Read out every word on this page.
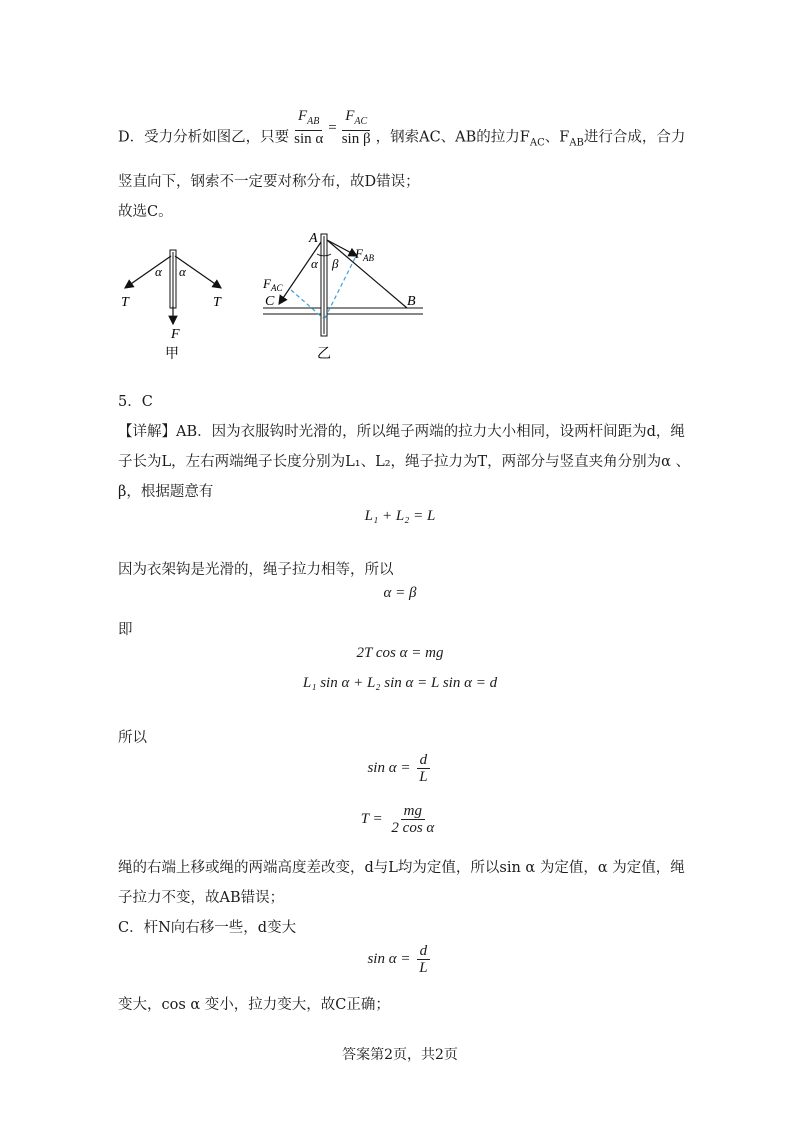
D．受力分析如图乙，只要 $\frac{F_{AB}}{\text{sin α}} = \frac{F_{AC}}{\text{sin β}}$ ，钢索AC、AB的拉力$F_{AC}$、$F_{AB}$进行合成，合力
竖直向下，钢索不一定要对称分布，故D错误；
故选C。
α α
T	T
F
甲
A
α β
$F_{AB}$
$F_{AC}$
C	B
乙
5．C
【详解】AB．因为衣服钩时光滑的，所以绳子两端的拉力大小相同，设两杆间距为d，绳
子长为L，左右两端绳子长度分别为L₁、L₂，绳子拉力为T，两部分与竖直夹角分别为α 、
β，根据题意有
L₁ + L₂ = L
因为衣架钩是光滑的，绳子拉力相等，所以
α = β
即
2T cos α = mg
L₁ sin α + L₂ sin α = L sin α = d
所以
$\sin \alpha = \frac{d}{L}$
$T = \frac{mg}{\text{2 cos α}}$
绳的右端上移或绳的两端高度差改变，d与L均为定值，所以sin α 为定值，α 为定值，绳
子拉力不变，故AB错误；
C．杆N向右移一些，d变大
$\sin \alpha = \frac{d}{L}$
变大，cos α 变小，拉力变大，故C正确；
答案第2页，共2页
